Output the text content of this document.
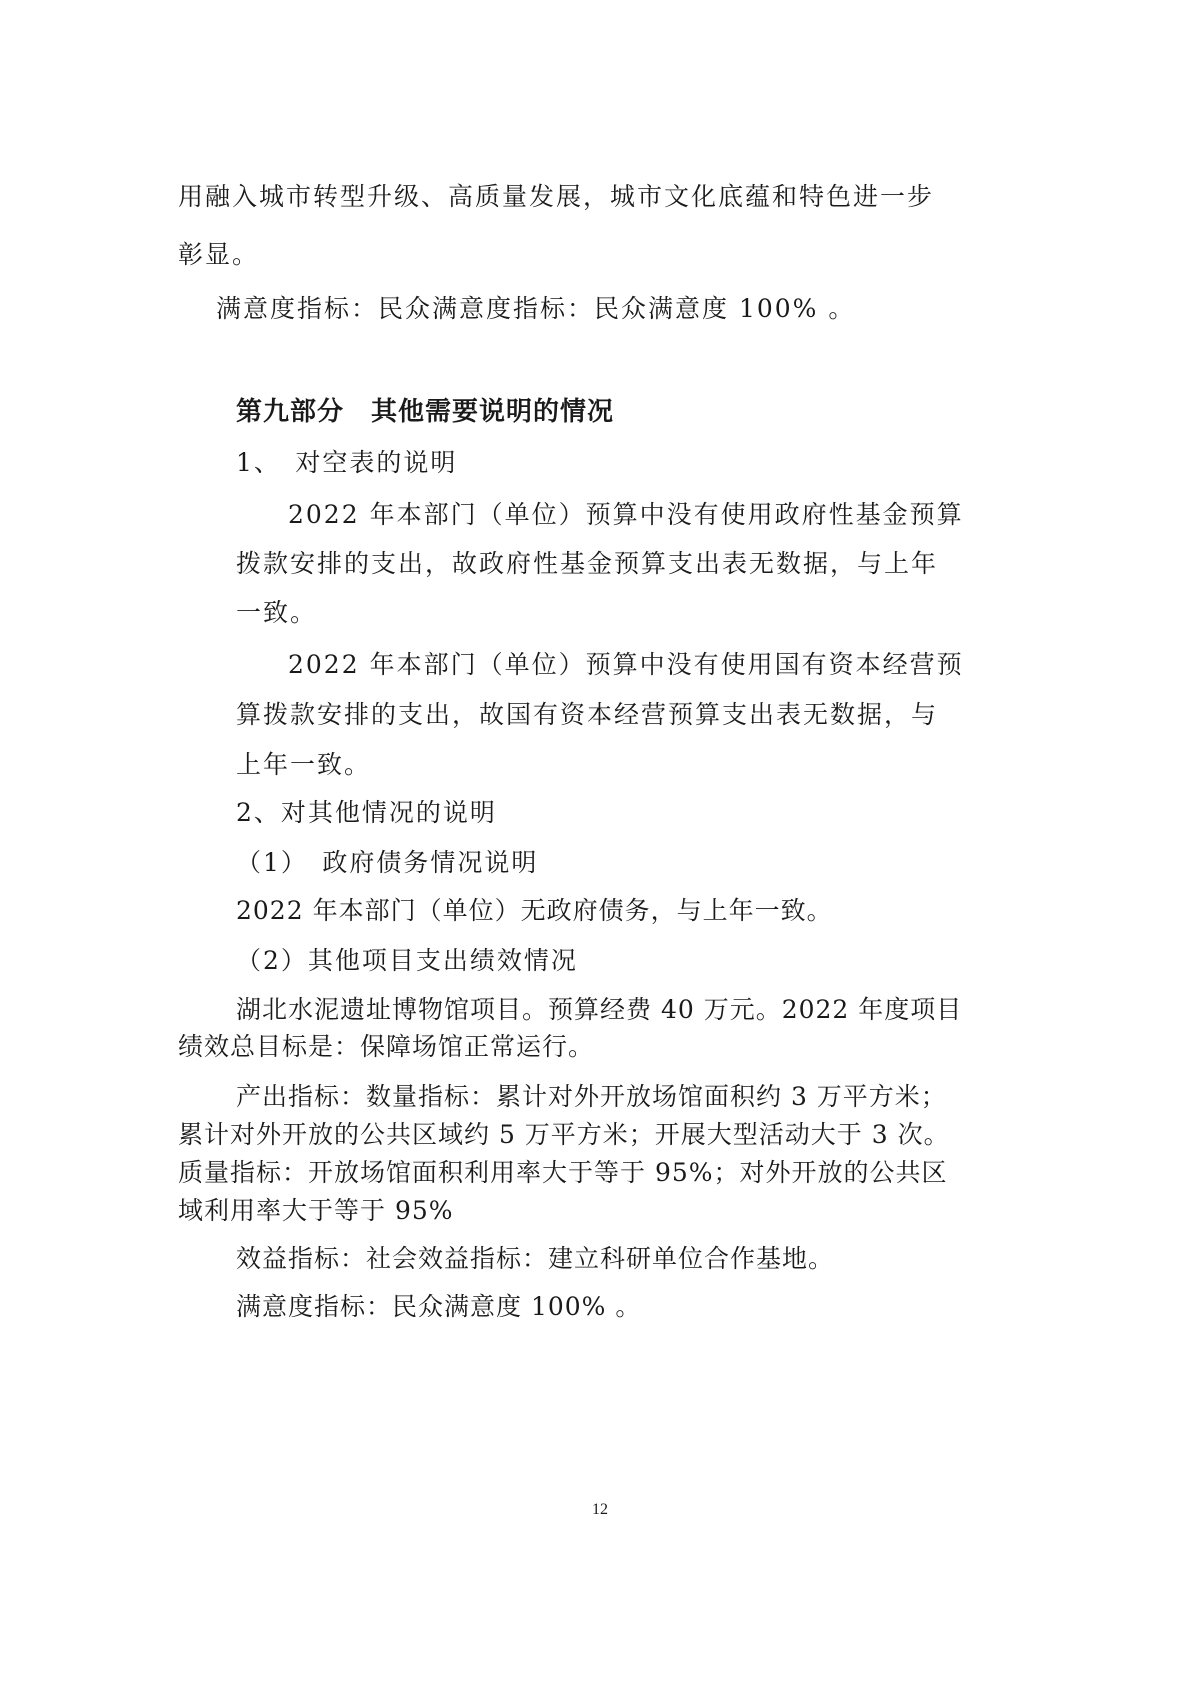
用融入城市转型升级、高质量发展，城市文化底蕴和特色进一步
彰显。
满意度指标：民众满意度指标：民众满意度 100% 。
第九部分　其他需要说明的情况
1、　对空表的说明
2022 年本部门（单位）预算中没有使用政府性基金预算
拨款安排的支出，故政府性基金预算支出表无数据，与上年
一致。
2022 年本部门（单位）预算中没有使用国有资本经营预
算拨款安排的支出，故国有资本经营预算支出表无数据，与
上年一致。
2、对其他情况的说明
（1）　政府债务情况说明
2022 年本部门（单位）无政府债务，与上年一致。
（2）其他项目支出绩效情况
湖北水泥遗址博物馆项目。预算经费 40 万元。2022 年度项目
绩效总目标是：保障场馆正常运行。
产出指标：数量指标：累计对外开放场馆面积约 3 万平方米；
累计对外开放的公共区域约 5 万平方米；开展大型活动大于 3 次。
质量指标：开放场馆面积利用率大于等于 95%；对外开放的公共区
域利用率大于等于 95%
效益指标：社会效益指标：建立科研单位合作基地。
满意度指标：民众满意度 100% 。
12
